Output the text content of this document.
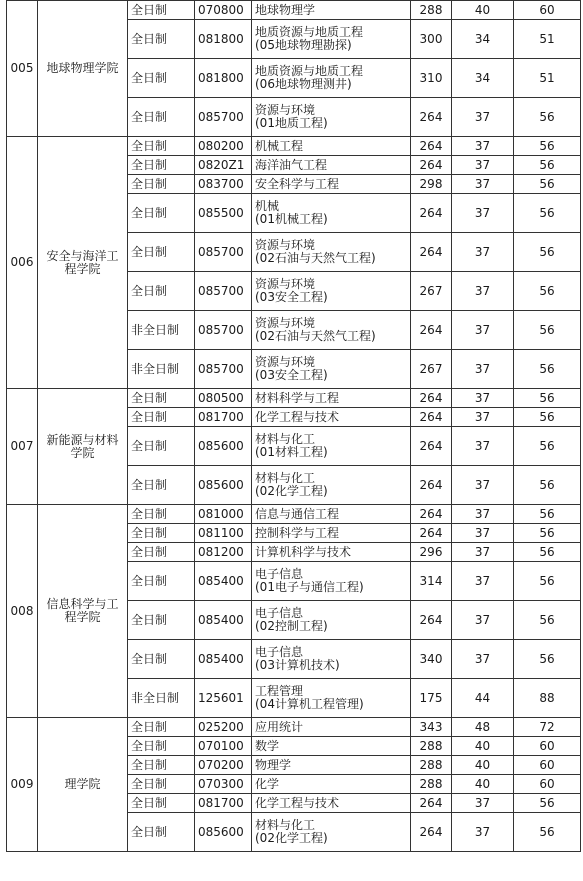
005	地球物理学院	全日制	070800	地球物理学	288	40	60
		全日制	081800	地质资源与地质工程
(05地球物理勘探)	300	34	51
		全日制	081800	地质资源与地质工程
(06地球物理测井)	310	34	51
		全日制	085700	资源与环境
(01地质工程)	264	37	56
006	安全与海洋工程学院	全日制	080200	机械工程	264	37	56
		全日制	0820Z1	海洋油气工程	264	37	56
		全日制	083700	安全科学与工程	298	37	56
		全日制	085500	机械
(01机械工程)	264	37	56
		全日制	085700	资源与环境
(02石油与天然气工程)	264	37	56
		全日制	085700	资源与环境
(03安全工程)	267	37	56
		非全日制	085700	资源与环境
(02石油与天然气工程)	264	37	56
		非全日制	085700	资源与环境
(03安全工程)	267	37	56
007	新能源与材料学院	全日制	080500	材料科学与工程	264	37	56
		全日制	081700	化学工程与技术	264	37	56
		全日制	085600	材料与化工
(01材料工程)	264	37	56
		全日制	085600	材料与化工
(02化学工程)	264	37	56
008	信息科学与工程学院	全日制	081000	信息与通信工程	264	37	56
		全日制	081100	控制科学与工程	264	37	56
		全日制	081200	计算机科学与技术	296	37	56
		全日制	085400	电子信息
(01电子与通信工程)	314	37	56
		全日制	085400	电子信息
(02控制工程)	264	37	56
		全日制	085400	电子信息
(03计算机技术)	340	37	56
		非全日制	125601	工程管理
(04计算机工程管理)	175	44	88
009	理学院	全日制	025200	应用统计	343	48	72
		全日制	070100	数学	288	40	60
		全日制	070200	物理学	288	40	60
		全日制	070300	化学	288	40	60
		全日制	081700	化学工程与技术	264	37	56
		全日制	085600	材料与化工
(02化学工程)	264	37	56
